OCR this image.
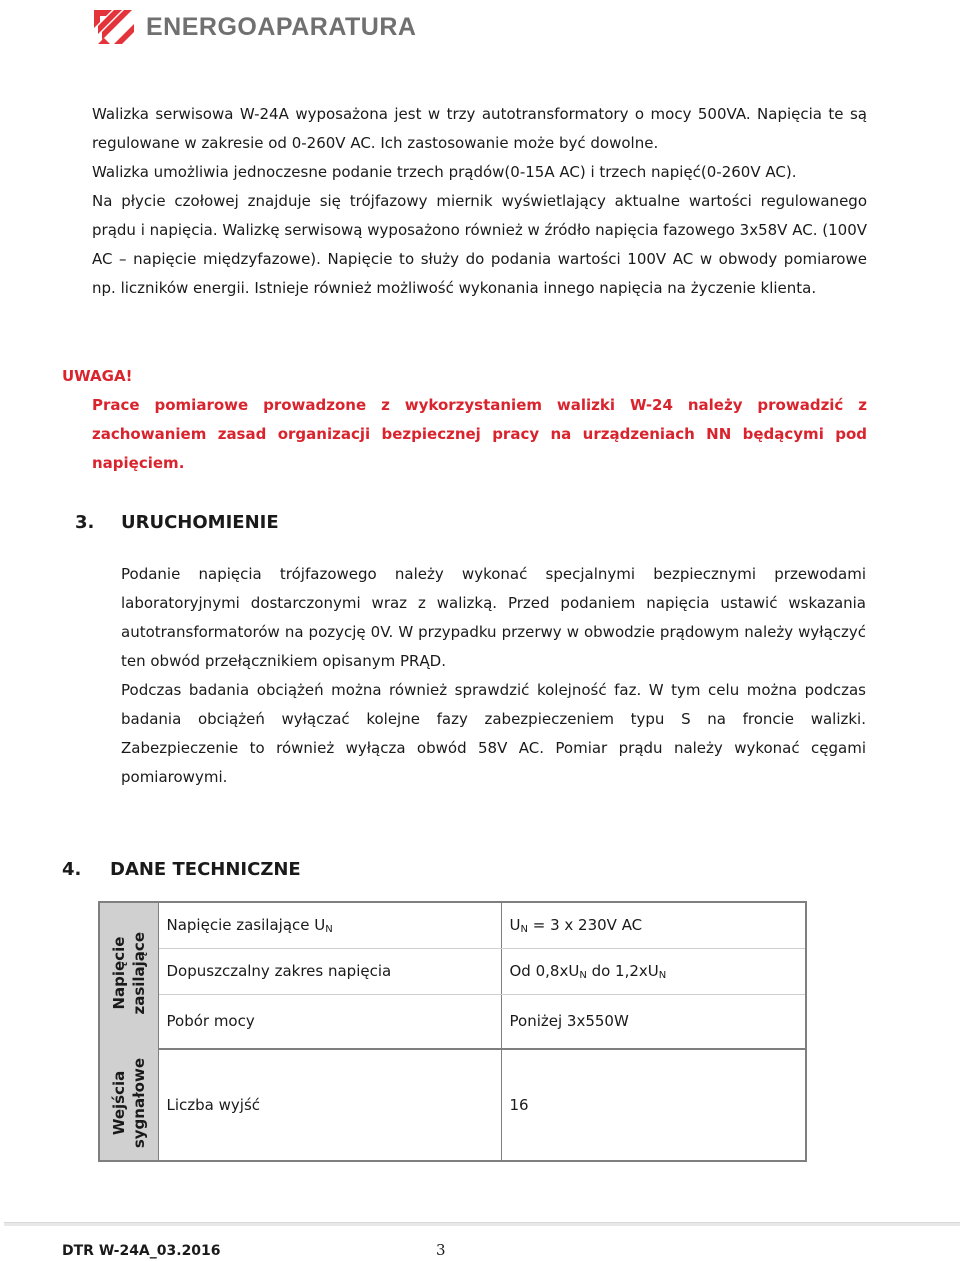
ENERGOAPARATURA

Walizka serwisowa W-24A wyposażona jest w trzy autotransformatory o mocy 500VA. Napięcia te są regulowane w zakresie od 0-260V AC. Ich zastosowanie może być dowolne.

Walizka umożliwia jednoczesne podanie trzech prądów(0-15A AC) i trzech napięć(0-260V AC).

Na płycie czołowej znajduje się trójfazowy miernik wyświetlający aktualne wartości regulowanego prądu i napięcia. Walizkę serwisową wyposażono również w źródło napięcia fazowego 3x58V AC. (100V AC – napięcie międzyfazowe). Napięcie to służy do podania wartości 100V AC w obwody pomiarowe np. liczników energii. Istnieje również możliwość wykonania innego napięcia na życzenie klienta.

UWAGA!
Prace pomiarowe prowadzone z wykorzystaniem walizki W-24 należy prowadzić z zachowaniem zasad organizacji bezpiecznej pracy na urządzeniach NN będącymi pod napięciem.
3. URUCHOMIENIE

Podanie napięcia trójfazowego należy wykonać specjalnymi bezpiecznymi przewodami laboratoryjnymi dostarczonymi wraz z walizką. Przed podaniem napięcia ustawić wskazania autotransformatorów na pozycję 0V. W przypadku przerwy w obwodzie prądowym należy wyłączyć ten obwód przełącznikiem opisanym PRĄD.

Podczas badania obciążeń można również sprawdzić kolejność faz. W tym celu można podczas badania obciążeń wyłączać kolejne fazy zabezpieczeniem typu S na froncie walizki. Zabezpieczenie to również wyłącza obwód 58V AC. Pomiar prądu należy wykonać cęgami pomiarowymi.

4. DANE TECHNICZNE
Napięcie zasilające	Napięcie zasilające $U_N$	$U_N = 3$ x 230V AC
	Dopuszczalny zakres napięcia	Od $0,8xU_N$ do $1,2xU_N$
	Pobór mocy	Poniżej 3x550W
Wejścia sygnałowe	Liczba wyjść	16
DTR W-24A_03.2016	3
